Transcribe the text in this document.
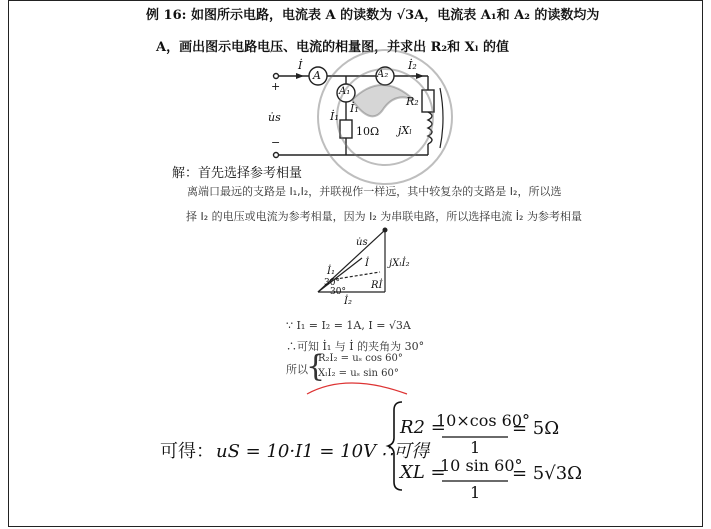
例 16: 如图所示电路，电流表 A 的读数为 √3A，电流表 A₁和 A₂ 的读数均为
A，画出图示电路电压、电流的相量图，并求出 R₂和 Xₗ 的值
A
A₁
A₂
İ	İ₂
İ₁
İ₁
u̇s
10Ω
R₂
jXₗ
+
−
解：首先选择参考相量
离端口最远的支路是 I₁,I₂，并联视作一样远，其中较复杂的支路是 I₂，所以选
择 I₂ 的电压或电流为参考相量，因为 I₂ 为串联电路，所以选择电流 İ₂ 为参考相量
u̇s
İ₁
İ
İ₂
jXₗİ₂
Rİ
30°
30°
∵ I₁ = I₂ = 1A, I = √3A
∴可知 İ₁ 与 İ 的夹角为 30°
所以
{
R₂I₂ = uₛ cos 60°
XₗI₂ = uₛ sin 60°
可得： uS = 10·I1 = 10V ∴可得
R2 =
10×cos 60°
1
= 5Ω
XL =
10 sin 60°
1
= 5√3Ω
